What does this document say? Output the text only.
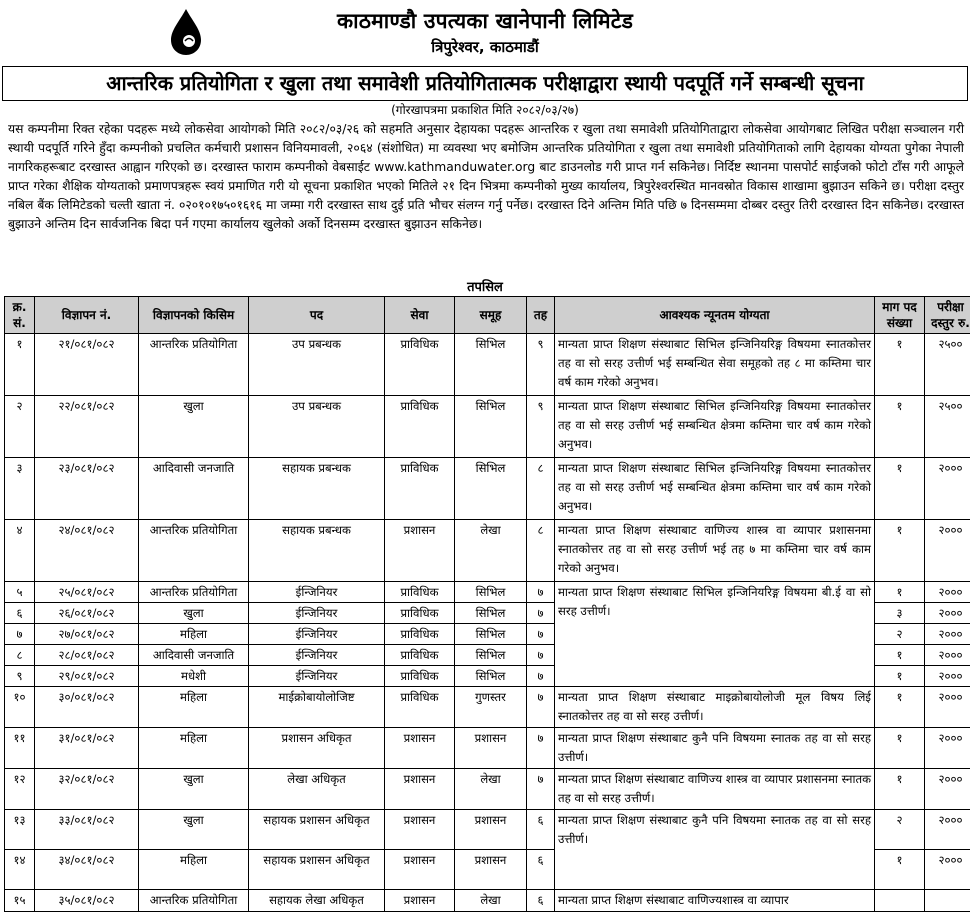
काठमाण्डौ उपत्यका खानेपानी लिमिटेड
त्रिपुरेश्वर, काठमाडौं
आन्तरिक प्रतियोगिता र खुला तथा समावेशी प्रतियोगितात्मक परीक्षाद्वारा स्थायी पदपूर्ति गर्ने सम्बन्धी सूचना
(गोरखापत्रमा प्रकाशित मिति २०८२/०३/२७)
यस कम्पनीमा रिक्त रहेका पदहरू मध्ये लोकसेवा आयोगको मिति २०८२/०३/२६ को सहमति अनुसार देहायका पदहरू आन्तरिक र खुला तथा समावेशी प्रतियोगिताद्वारा लोकसेवा आयोगबाट लिखित परीक्षा सञ्चालन गरी स्थायी पदपूर्ति गरिने हुँदा कम्पनीको प्रचलित कर्मचारी प्रशासन विनियमावली, २०६४ (संशोधित) मा व्यवस्था भए बमोजिम आन्तरिक प्रतियोगिता र खुला तथा समावेशी प्रतियोगिताको लागि देहायका योग्यता पुगेका नेपाली नागरिकहरूबाट दरखास्त आह्वान गरिएको छ। दरखास्त फाराम कम्पनीको वेबसाईट www.kathmanduwater.org बाट डाउनलोड गरी प्राप्त गर्न सकिनेछ। निर्दिष्ट स्थानमा पासपोर्ट साईजको फोटो टाँस गरी आफूले प्राप्त गरेका शैक्षिक योग्यताको प्रमाणपत्रहरू स्वयं प्रमाणित गरी यो सूचना प्रकाशित भएको मितिले २१ दिन भित्रमा कम्पनीको मुख्य कार्यालय, त्रिपुरेश्वरस्थित मानवस्रोत विकास शाखामा बुझाउन सकिने छ। परीक्षा दस्तुर नबिल बैंक लिमिटेडको चल्ती खाता नं. ०२०१०१७५०१६१६ मा जम्मा गरी दरखास्त साथ दुई प्रति भौचर संलग्न गर्नु पर्नेछ। दरखास्त दिने अन्तिम मिति पछि ७ दिनसम्ममा दोब्बर दस्तुर तिरी दरखास्त दिन सकिनेछ। दरखास्त बुझाउने अन्तिम दिन सार्वजनिक बिदा पर्न गएमा कार्यालय खुलेको अर्को दिनसम्म दरखास्त बुझाउन सकिनेछ।
तपसिल
क्र. सं.	विज्ञापन नं.	विज्ञापनको किसिम	पद	सेवा	समूह	तह	आवश्यक न्यूनतम योग्यता	माग पद संख्या	परीक्षा दस्तुर रु.
१	२१/०८१/०८२	आन्तरिक प्रतियोगिता	उप प्रबन्धक	प्राविधिक	सिभिल	९	मान्यता प्राप्त शिक्षण संस्थाबाट सिभिल इन्जिनियरिङ्ग विषयमा स्नातकोत्तर तह वा सो सरह उत्तीर्ण भई सम्बन्धित सेवा समूहको तह ८ मा कम्तिमा चार वर्ष काम गरेको अनुभव।	१	२५००
२	२२/०८१/०८२	खुला	उप प्रबन्धक	प्राविधिक	सिभिल	९	मान्यता प्राप्त शिक्षण संस्थाबाट सिभिल इन्जिनियरिङ्ग विषयमा स्नातकोत्तर तह वा सो सरह उत्तीर्ण भई सम्बन्धित क्षेत्रमा कम्तिमा चार वर्ष काम गरेको अनुभव।	१	२५००
३	२३/०८१/०८२	आदिवासी जनजाति	सहायक प्रबन्धक	प्राविधिक	सिभिल	८	मान्यता प्राप्त शिक्षण संस्थाबाट सिभिल इन्जिनियरिङ्ग विषयमा स्नातकोत्तर तह वा सो सरह उत्तीर्ण भई सम्बन्धित क्षेत्रमा कम्तिमा चार वर्ष काम गरेको अनुभव।	१	२०००
४	२४/०८१/०८२	आन्तरिक प्रतियोगिता	सहायक प्रबन्धक	प्रशासन	लेखा	८	मान्यता प्राप्त शिक्षण संस्थाबाट वाणिज्य शास्त्र वा व्यापार प्रशासनमा स्नातकोत्तर तह वा सो सरह उत्तीर्ण भई तह ७ मा कम्तिमा चार वर्ष काम गरेको अनुभव।	१	२०००
५	२५/०८१/०८२	आन्तरिक प्रतियोगिता	ईन्जिनियर	प्राविधिक	सिभिल	७	मान्यता प्राप्त शिक्षण संस्थाबाट सिभिल इन्जिनियरिङ्ग विषयमा बी.ई वा सो सरह उत्तीर्ण।	१	२०००
६	२६/०८१/०८२	खुला	ईन्जिनियर	प्राविधिक	सिभिल	७		३	२०००
७	२७/०८१/०८२	महिला	ईन्जिनियर	प्राविधिक	सिभिल	७		२	२०००
८	२८/०८१/०८२	आदिवासी जनजाति	ईन्जिनियर	प्राविधिक	सिभिल	७		१	२०००
९	२९/०८१/०८२	मधेशी	ईन्जिनियर	प्राविधिक	सिभिल	७		१	२०००
१०	३०/०८१/०८२	महिला	माईक्रोबायोलोजिष्ट	प्राविधिक	गुणस्तर	७	मान्यता प्राप्त शिक्षण संस्थाबाट माइक्रोबायोलोजी मूल विषय लिई स्नातकोत्तर तह वा सो सरह उत्तीर्ण।	१	२०००
११	३१/०८१/०८२	महिला	प्रशासन अधिकृत	प्रशासन	प्रशासन	७	मान्यता प्राप्त शिक्षण संस्थाबाट कुनै पनि विषयमा स्नातक तह वा सो सरह उत्तीर्ण।	१	२०००
१२	३२/०८१/०८२	खुला	लेखा अधिकृत	प्रशासन	लेखा	७	मान्यता प्राप्त शिक्षण संस्थाबाट वाणिज्य शास्त्र वा व्यापार प्रशासनमा स्नातक तह वा सो सरह उत्तीर्ण।	१	२०००
१३	३३/०८१/०८२	खुला	सहायक प्रशासन अधिकृत	प्रशासन	प्रशासन	६	मान्यता प्राप्त शिक्षण संस्थाबाट कुनै पनि विषयमा स्नातक तह वा सो सरह उत्तीर्ण।	२	२०००
१४	३४/०८१/०८२	महिला	सहायक प्रशासन अधिकृत	प्रशासन	प्रशासन	६		१	२०००
१५	३५/०८१/०८२	आन्तरिक प्रतियोगिता	सहायक लेखा अधिकृत	प्रशासन	लेखा	६	मान्यता प्राप्त शिक्षण संस्थाबाट वाणिज्यशास्त्र वा व्यापार		
